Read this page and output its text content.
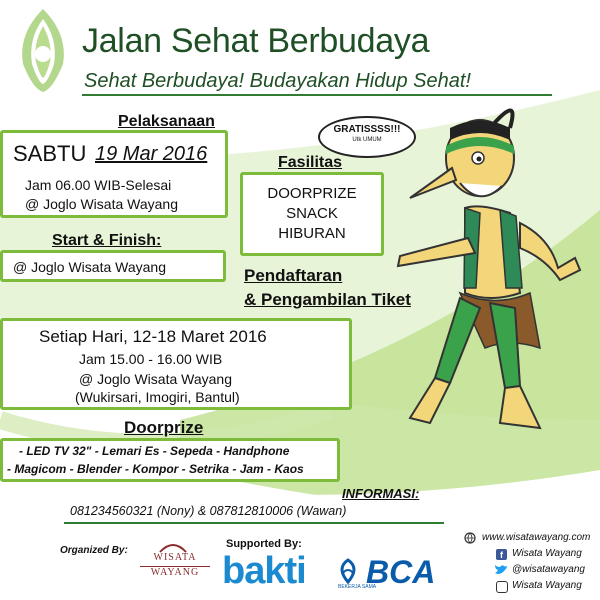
Jalan Sehat Berbudaya
Sehat Berbudaya! Budayakan Hidup Sehat!
Pelaksanaan
SABTU 19 Mar 2016
Jam 06.00 WIB-Selesai
@ Joglo Wisata Wayang
Start & Finish:
@ Joglo Wisata Wayang
Fasilitas
DOORPRIZE
SNACK
HIBURAN
GRATISSSS!!!
Utk UMUM
Pendaftaran
& Pengambilan Tiket
Setiap Hari, 12-18 Maret 2016
Jam 15.00 - 16.00 WIB
@ Joglo Wisata Wayang
(Wukirsari, Imogiri, Bantul)
Doorprize
- LED TV 32" - Lemari Es - Sepeda - Handphone
- Magicom - Blender - Kompor - Setrika - Jam - Kaos
INFORMASI:
081234560321 (Nony) & 087812810006 (Wawan)
Organized By:
WISATA
WAYANG
Supported By:
bakti	BEKERJA SAMA
BCA
www.wisatawayang.com
f Wisata Wayang
@wisatawayang
Wisata Wayang
